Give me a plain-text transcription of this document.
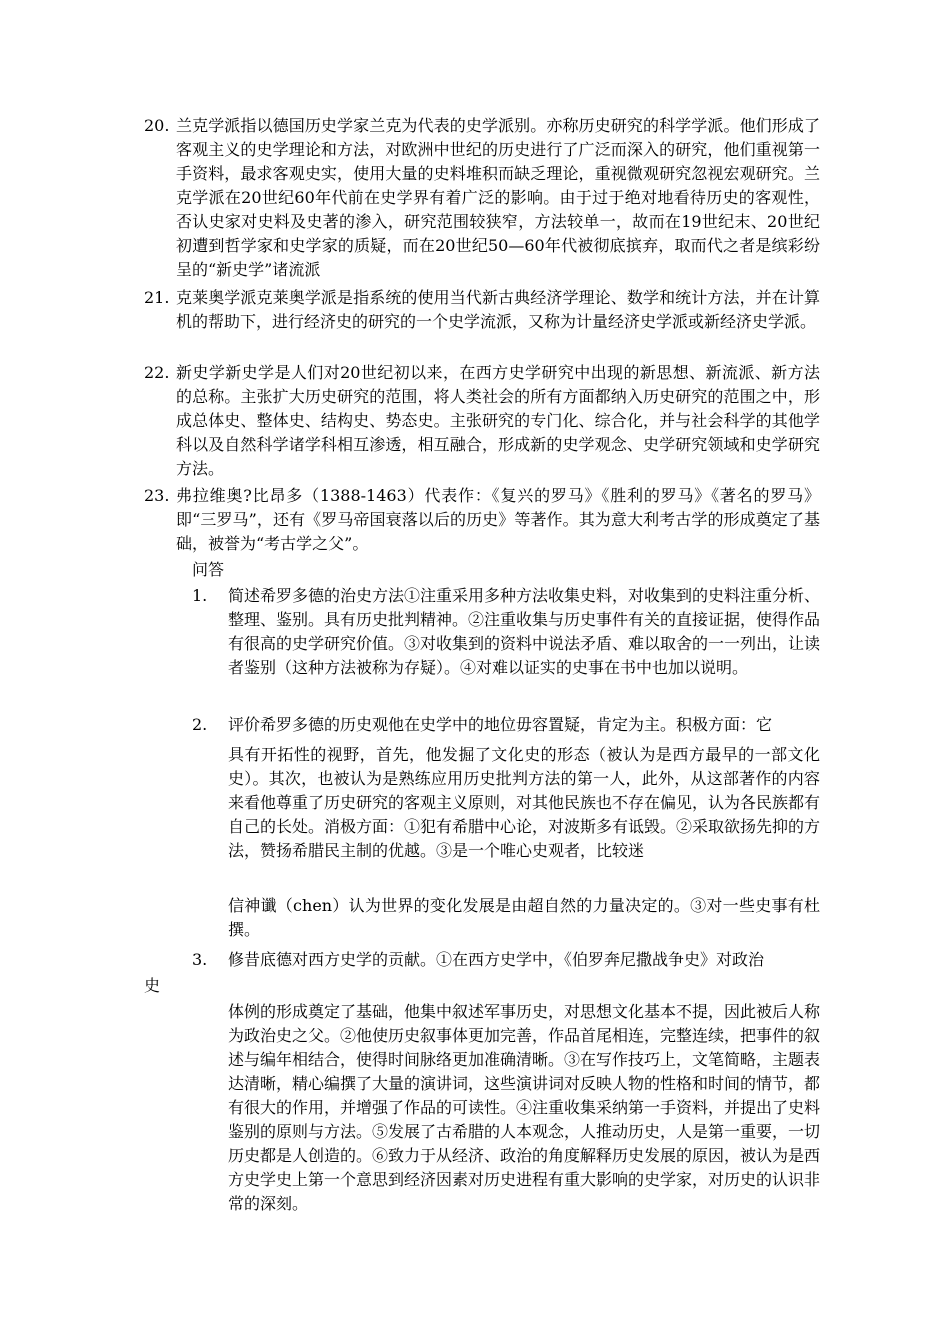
20. 兰克学派指以德国历史学家兰克为代表的史学派别。亦称历史研究的科学学派。他们形成了客观主义的史学理论和方法，对欧洲中世纪的历史进行了广泛而深入的研究，他们重视第一手资料，最求客观史实，使用大量的史料堆积而缺乏理论，重视微观研究忽视宏观研究。兰克学派在20世纪60年代前在史学界有着广泛的影响。由于过于绝对地看待历史的客观性，否认史家对史料及史著的渗入，研究范围较狭窄，方法较单一，故而在19世纪末、20世纪初遭到哲学家和史学家的质疑，而在20世纪50—60年代被彻底摈弃，取而代之者是缤彩纷呈的“新史学”诸流派
21. 克莱奥学派克莱奥学派是指系统的使用当代新古典经济学理论、数学和统计方法，并在计算机的帮助下，进行经济史的研究的一个史学流派，又称为计量经济史学派或新经济史学派。
22. 新史学新史学是人们对20世纪初以来，在西方史学研究中出现的新思想、新流派、新方法的总称。主张扩大历史研究的范围，将人类社会的所有方面都纳入历史研究的范围之中，形成总体史、整体史、结构史、势态史。主张研究的专门化、综合化，并与社会科学的其他学科以及自然科学诸学科相互渗透，相互融合，形成新的史学观念、史学研究领域和史学研究方法。
23. 弗拉维奥?比昂多（1388-1463）代表作：《复兴的罗马》《胜利的罗马》《著名的罗马》即“三罗马”，还有《罗马帝国衰落以后的历史》等著作。其为意大利考古学的形成奠定了基础，被誉为“考古学之父”。
问答
1. 简述希罗多德的治史方法①注重采用多种方法收集史料，对收集到的史料注重分析、整理、鉴别。具有历史批判精神。②注重收集与历史事件有关的直接证据，使得作品有很高的史学研究价值。③对收集到的资料中说法矛盾、难以取舍的一一列出，让读者鉴别（这种方法被称为存疑）。④对难以证实的史事在书中也加以说明。
2. 评价希罗多德的历史观他在史学中的地位毋容置疑，肯定为主。积极方面：它
具有开拓性的视野，首先，他发掘了文化史的形态（被认为是西方最早的一部文化史）。其次，也被认为是熟练应用历史批判方法的第一人，此外，从这部著作的内容来看他尊重了历史研究的客观主义原则，对其他民族也不存在偏见，认为各民族都有自己的长处。消极方面：①犯有希腊中心论，对波斯多有诋毁。②采取欲扬先抑的方法，赞扬希腊民主制的优越。③是一个唯心史观者，比较迷
信神谶（chen）认为世界的变化发展是由超自然的力量决定的。③对一些史事有杜撰。
3. 修昔底德对西方史学的贡献。①在西方史学中，《伯罗奔尼撒战争史》对政治
史
体例的形成奠定了基础，他集中叙述军事历史，对思想文化基本不提，因此被后人称为政治史之父。②他使历史叙事体更加完善，作品首尾相连，完整连续，把事件的叙述与编年相结合，使得时间脉络更加准确清晰。③在写作技巧上，文笔简略，主题表达清晰，精心编撰了大量的演讲词，这些演讲词对反映人物的性格和时间的情节，都有很大的作用，并增强了作品的可读性。④注重收集采纳第一手资料，并提出了史料鉴别的原则与方法。⑤发展了古希腊的人本观念，人推动历史，人是第一重要，一切历史都是人创造的。⑥致力于从经济、政治的角度解释历史发展的原因，被认为是西方史学史上第一个意思到经济因素对历史进程有重大影响的史学家，对历史的认识非常的深刻。
